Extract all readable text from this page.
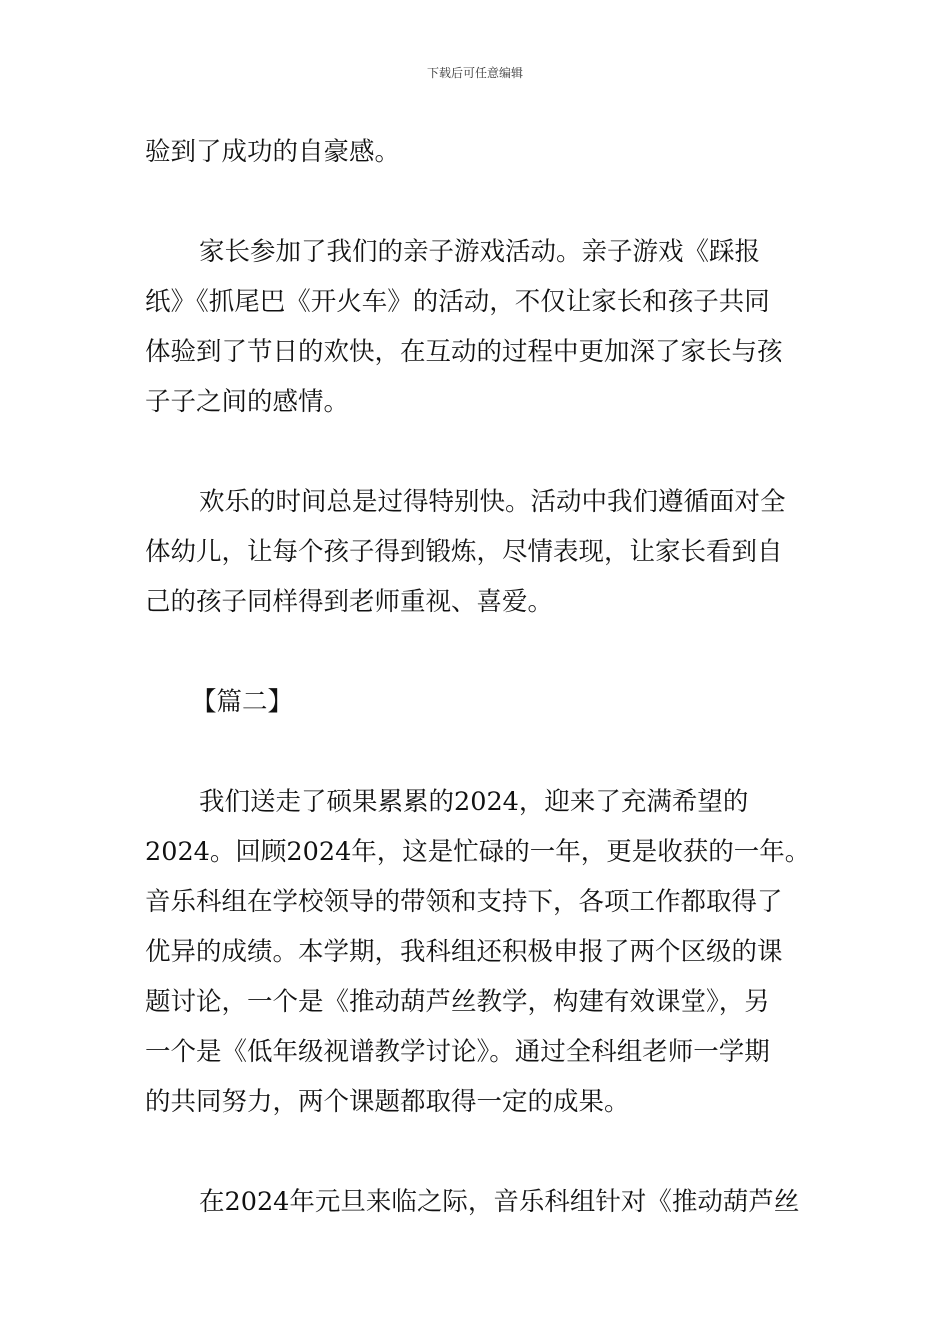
下载后可任意编辑

验到了成功的自豪感。

家长参加了我们的亲子游戏活动。亲子游戏《踩报
纸》《抓尾巴《开火车》的活动，不仅让家长和孩子共同
体验到了节日的欢快，在互动的过程中更加深了家长与孩
子子之间的感情。

欢乐的时间总是过得特别快。活动中我们遵循面对全
体幼儿，让每个孩子得到锻炼，尽情表现，让家长看到自
己的孩子同样得到老师重视、喜爱。

【篇二】

我们送走了硕果累累的2024，迎来了充满希望的
2024。回顾2024年，这是忙碌的一年，更是收获的一年。
音乐科组在学校领导的带领和支持下，各项工作都取得了
优异的成绩。本学期，我科组还积极申报了两个区级的课
题讨论，一个是《推动葫芦丝教学，构建有效课堂》，另
一个是《低年级视谱教学讨论》。通过全科组老师一学期
的共同努力，两个课题都取得一定的成果。

在2024年元旦来临之际，音乐科组针对《推动葫芦丝
